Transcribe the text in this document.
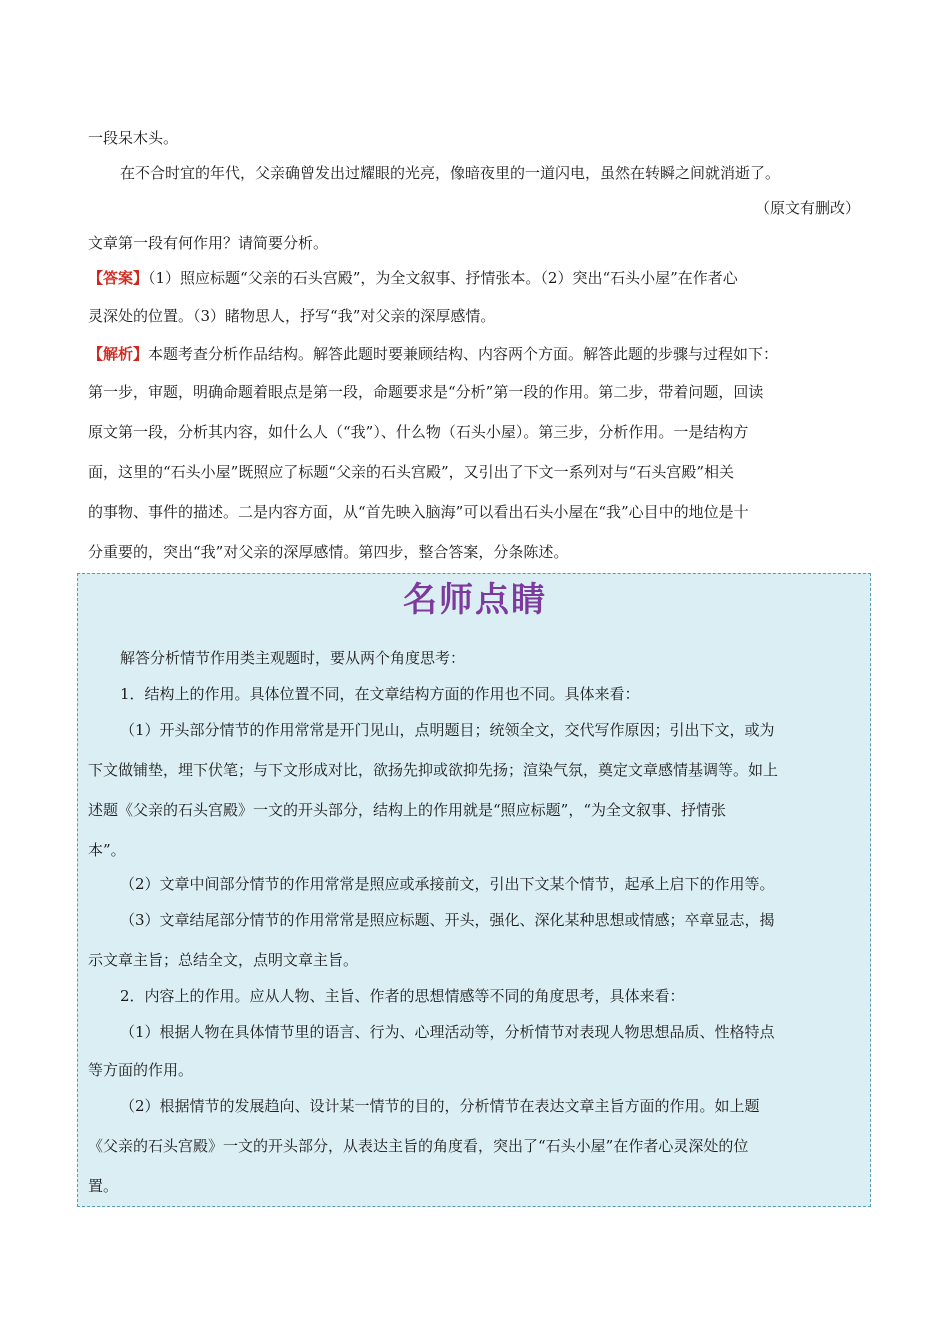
一段呆木头。
在不合时宜的年代，父亲确曾发出过耀眼的光亮，像暗夜里的一道闪电，虽然在转瞬之间就消逝了。
（原文有删改）
文章第一段有何作用？请简要分析。
【答案】（1）照应标题“父亲的石头宫殿”，为全文叙事、抒情张本。（2）突出“石头小屋”在作者心
灵深处的位置。（3）睹物思人，抒写“我”对父亲的深厚感情。
【解析】本题考查分析作品结构。解答此题时要兼顾结构、内容两个方面。解答此题的步骤与过程如下：
第一步，审题，明确命题着眼点是第一段，命题要求是“分析”第一段的作用。第二步，带着问题，回读
原文第一段，分析其内容，如什么人（“我”）、什么物（石头小屋）。第三步，分析作用。一是结构方
面，这里的“石头小屋”既照应了标题“父亲的石头宫殿”，又引出了下文一系列对与“石头宫殿”相关
的事物、事件的描述。二是内容方面，从“首先映入脑海”可以看出石头小屋在“我”心目中的地位是十
分重要的，突出“我”对父亲的深厚感情。第四步，整合答案，分条陈述。
名师点睛
解答分析情节作用类主观题时，要从两个角度思考：
1．结构上的作用。具体位置不同，在文章结构方面的作用也不同。具体来看：
（1）开头部分情节的作用常常是开门见山，点明题目；统领全文，交代写作原因；引出下文，或为
下文做铺垫，埋下伏笔；与下文形成对比，欲扬先抑或欲抑先扬；渲染气氛，奠定文章感情基调等。如上
述题《父亲的石头宫殿》一文的开头部分，结构上的作用就是“照应标题”，“为全文叙事、抒情张
本”。
（2）文章中间部分情节的作用常常是照应或承接前文，引出下文某个情节，起承上启下的作用等。
（3）文章结尾部分情节的作用常常是照应标题、开头，强化、深化某种思想或情感；卒章显志，揭
示文章主旨；总结全文，点明文章主旨。
2．内容上的作用。应从人物、主旨、作者的思想情感等不同的角度思考，具体来看：
（1）根据人物在具体情节里的语言、行为、心理活动等，分析情节对表现人物思想品质、性格特点
等方面的作用。
（2）根据情节的发展趋向、设计某一情节的目的，分析情节在表达文章主旨方面的作用。如上题
《父亲的石头宫殿》一文的开头部分，从表达主旨的角度看，突出了“石头小屋”在作者心灵深处的位
置。
